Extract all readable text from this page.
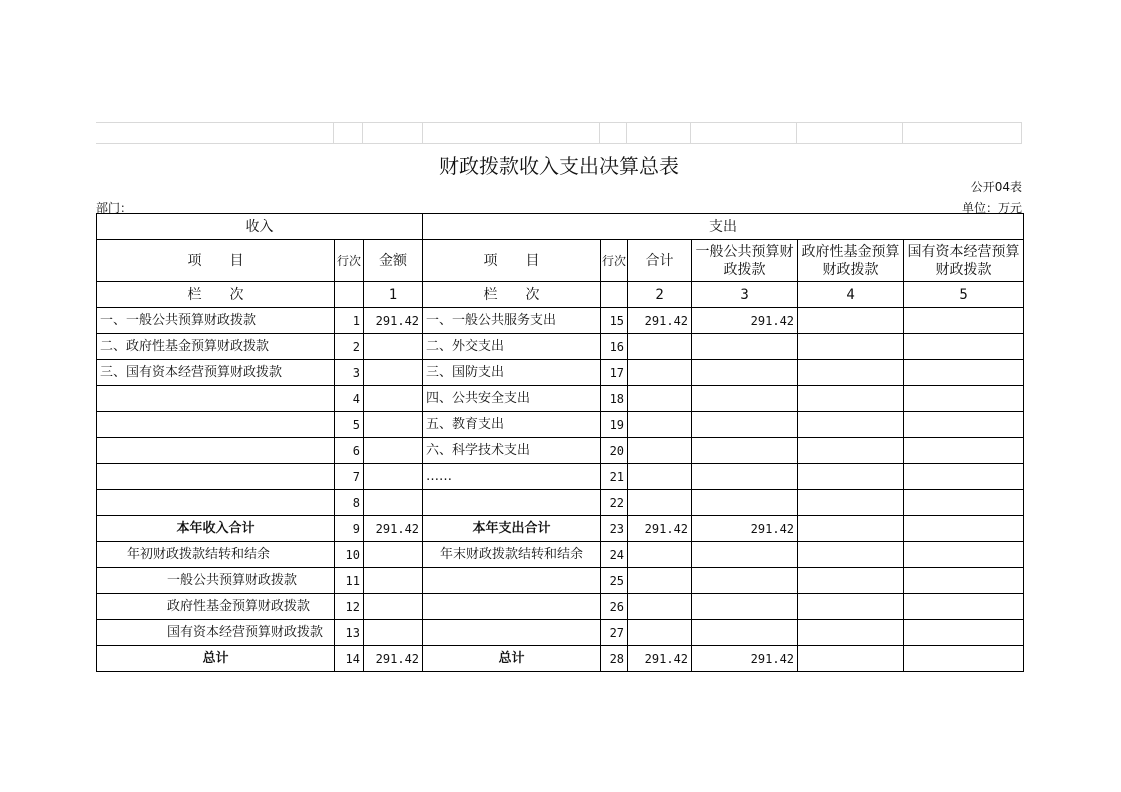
财政拨款收入支出决算总表
公开04表
部门：	单位：万元
收入			支出					
项　　目	行次	金额	项　　目	行次	合计	一般公共预算财政拨款	政府性基金预算财政拨款	国有资本经营预算财政拨款
栏　　次		1	栏　　次		2	3	4	5
一、一般公共预算财政拨款	1	291.42	一、一般公共服务支出	15	291.42	291.42		
二、政府性基金预算财政拨款	2		二、外交支出	16				
三、国有资本经营预算财政拨款	3		三、国防支出	17				
	4		四、公共安全支出	18				
	5		五、教育支出	19				
	6		六、科学技术支出	20				
	7		……	21				
	8			22				
本年收入合计	9	291.42	本年支出合计	23	291.42	291.42		
年初财政拨款结转和结余	10		年末财政拨款结转和结余	24				
一般公共预算财政拨款	11			25				
政府性基金预算财政拨款	12			26				
国有资本经营预算财政拨款	13			27				
总计	14	291.42	总计	28	291.42	291.42		
